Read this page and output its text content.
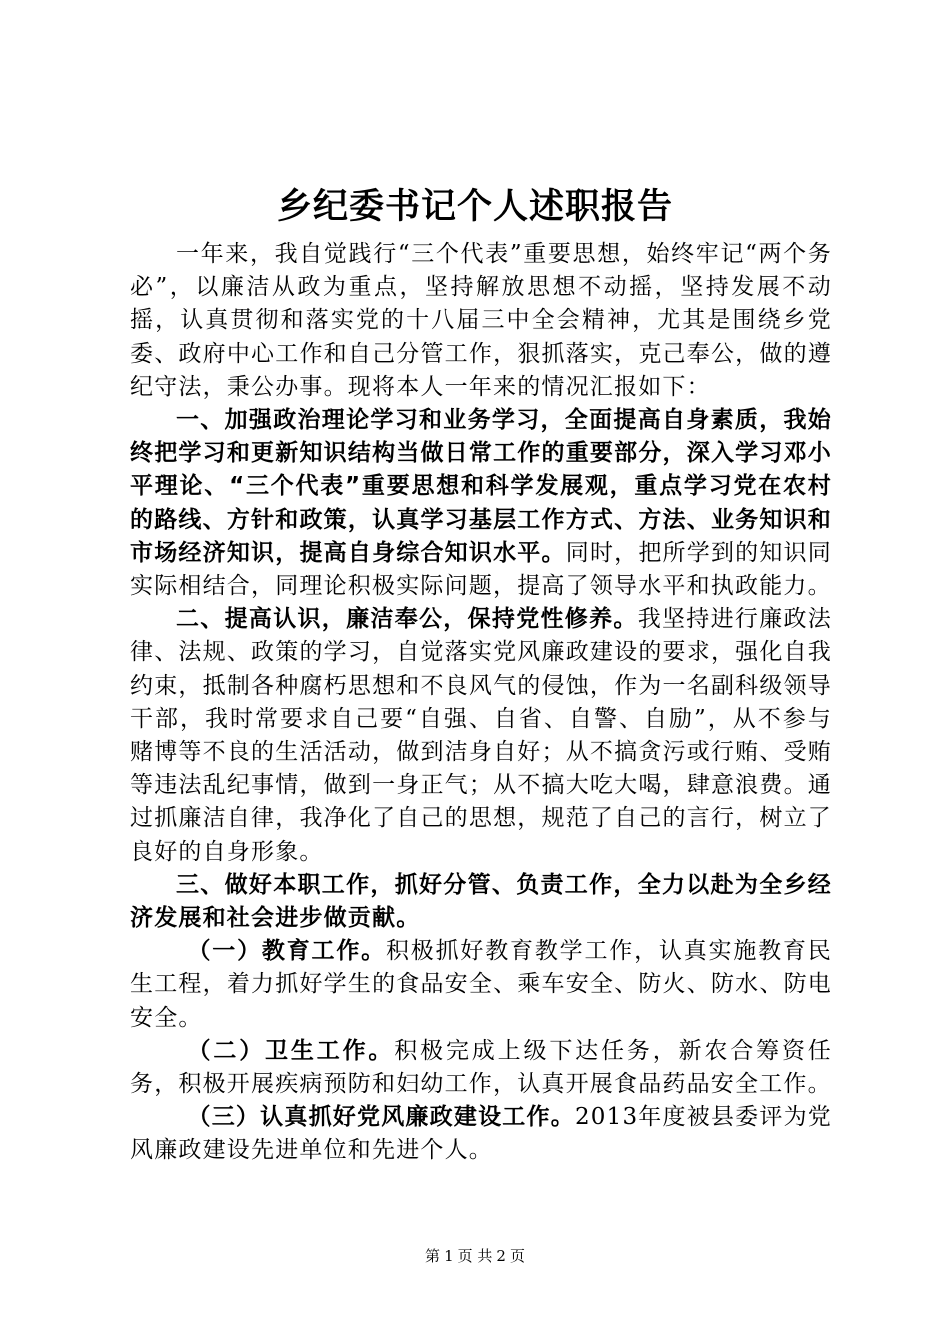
乡纪委书记个人述职报告

一年来，我自觉践行“三个代表”重要思想，始终牢记“两个务必”，以廉洁从政为重点，坚持解放思想不动摇，坚持发展不动摇，认真贯彻和落实党的十八届三中全会精神，尤其是围绕乡党委、政府中心工作和自己分管工作，狠抓落实，克己奉公，做的遵纪守法，秉公办事。现将本人一年来的情况汇报如下：

一、加强政治理论学习和业务学习，全面提高自身素质，我始终把学习和更新知识结构当做日常工作的重要部分，深入学习邓小平理论、“三个代表”重要思想和科学发展观，重点学习党在农村的路线、方针和政策，认真学习基层工作方式、方法、业务知识和市场经济知识，提高自身综合知识水平。同时，把所学到的知识同实际相结合，同理论积极实际问题，提高了领导水平和执政能力。

二、提高认识，廉洁奉公，保持党性修养。我坚持进行廉政法律、法规、政策的学习，自觉落实党风廉政建设的要求，强化自我约束，抵制各种腐朽思想和不良风气的侵蚀，作为一名副科级领导干部，我时常要求自己要“自强、自省、自警、自励”，从不参与赌博等不良的生活活动，做到洁身自好；从不搞贪污或行贿、受贿等违法乱纪事情，做到一身正气；从不搞大吃大喝，肆意浪费。通过抓廉洁自律，我净化了自己的思想，规范了自己的言行，树立了良好的自身形象。

三、做好本职工作，抓好分管、负责工作，全力以赴为全乡经济发展和社会进步做贡献。

（一）教育工作。积极抓好教育教学工作，认真实施教育民生工程，着力抓好学生的食品安全、乘车安全、防火、防水、防电安全。

（二）卫生工作。积极完成上级下达任务，新农合筹资任务，积极开展疾病预防和妇幼工作，认真开展食品药品安全工作。

（三）认真抓好党风廉政建设工作。2013年度被县委评为党风廉政建设先进单位和先进个人。

第 1 页 共 2 页
